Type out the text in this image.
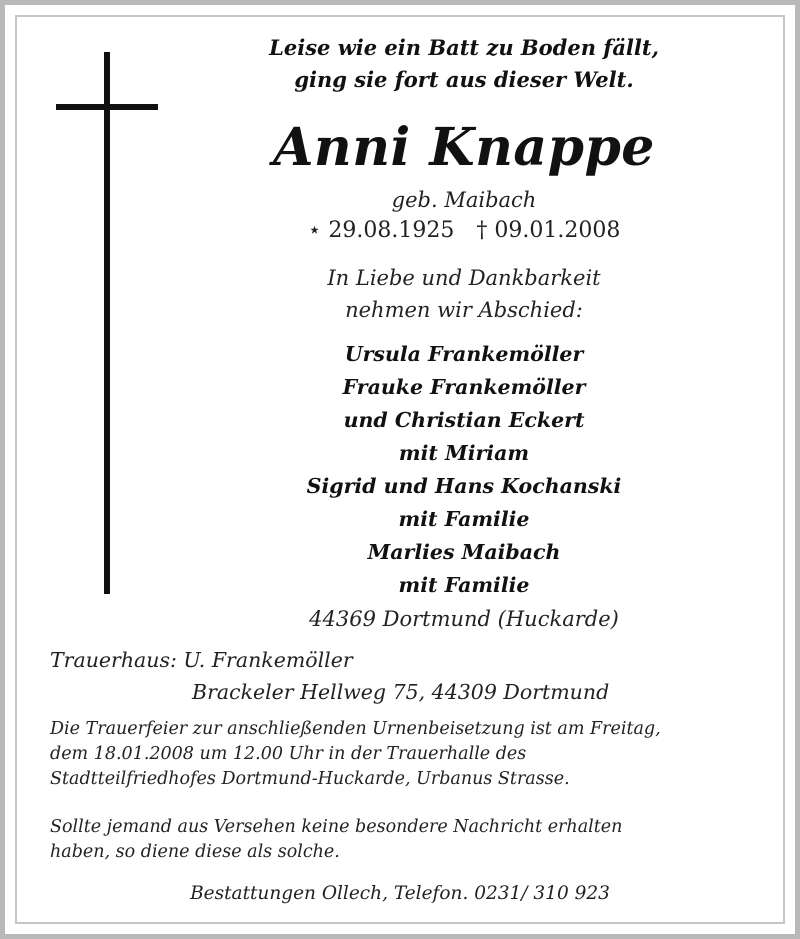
Leise wie ein Batt zu Boden fällt,
ging sie fort aus dieser Welt.
Anni Knappe
geb. Maibach
⋆ 29.08.1925 † 09.01.2008
In Liebe und Dankbarkeit
nehmen wir Abschied:
Ursula Frankemöller
Frauke Frankemöller
und Christian Eckert
mit Miriam
Sigrid und Hans Kochanski
mit Familie
Marlies Maibach
mit Familie
44369 Dortmund (Huckarde)
Trauerhaus: U. Frankemöller
Brackeler Hellweg 75, 44309 Dortmund
Die Trauerfeier zur anschließenden Urnenbeisetzung ist am Freitag,
dem 18.01.2008 um 12.00 Uhr in der Trauerhalle des
Stadtteilfriedhofes Dortmund-Huckarde, Urbanus Strasse.
Sollte jemand aus Versehen keine besondere Nachricht erhalten
haben, so diene diese als solche.
Bestattungen Ollech, Telefon. 0231/ 310 923
